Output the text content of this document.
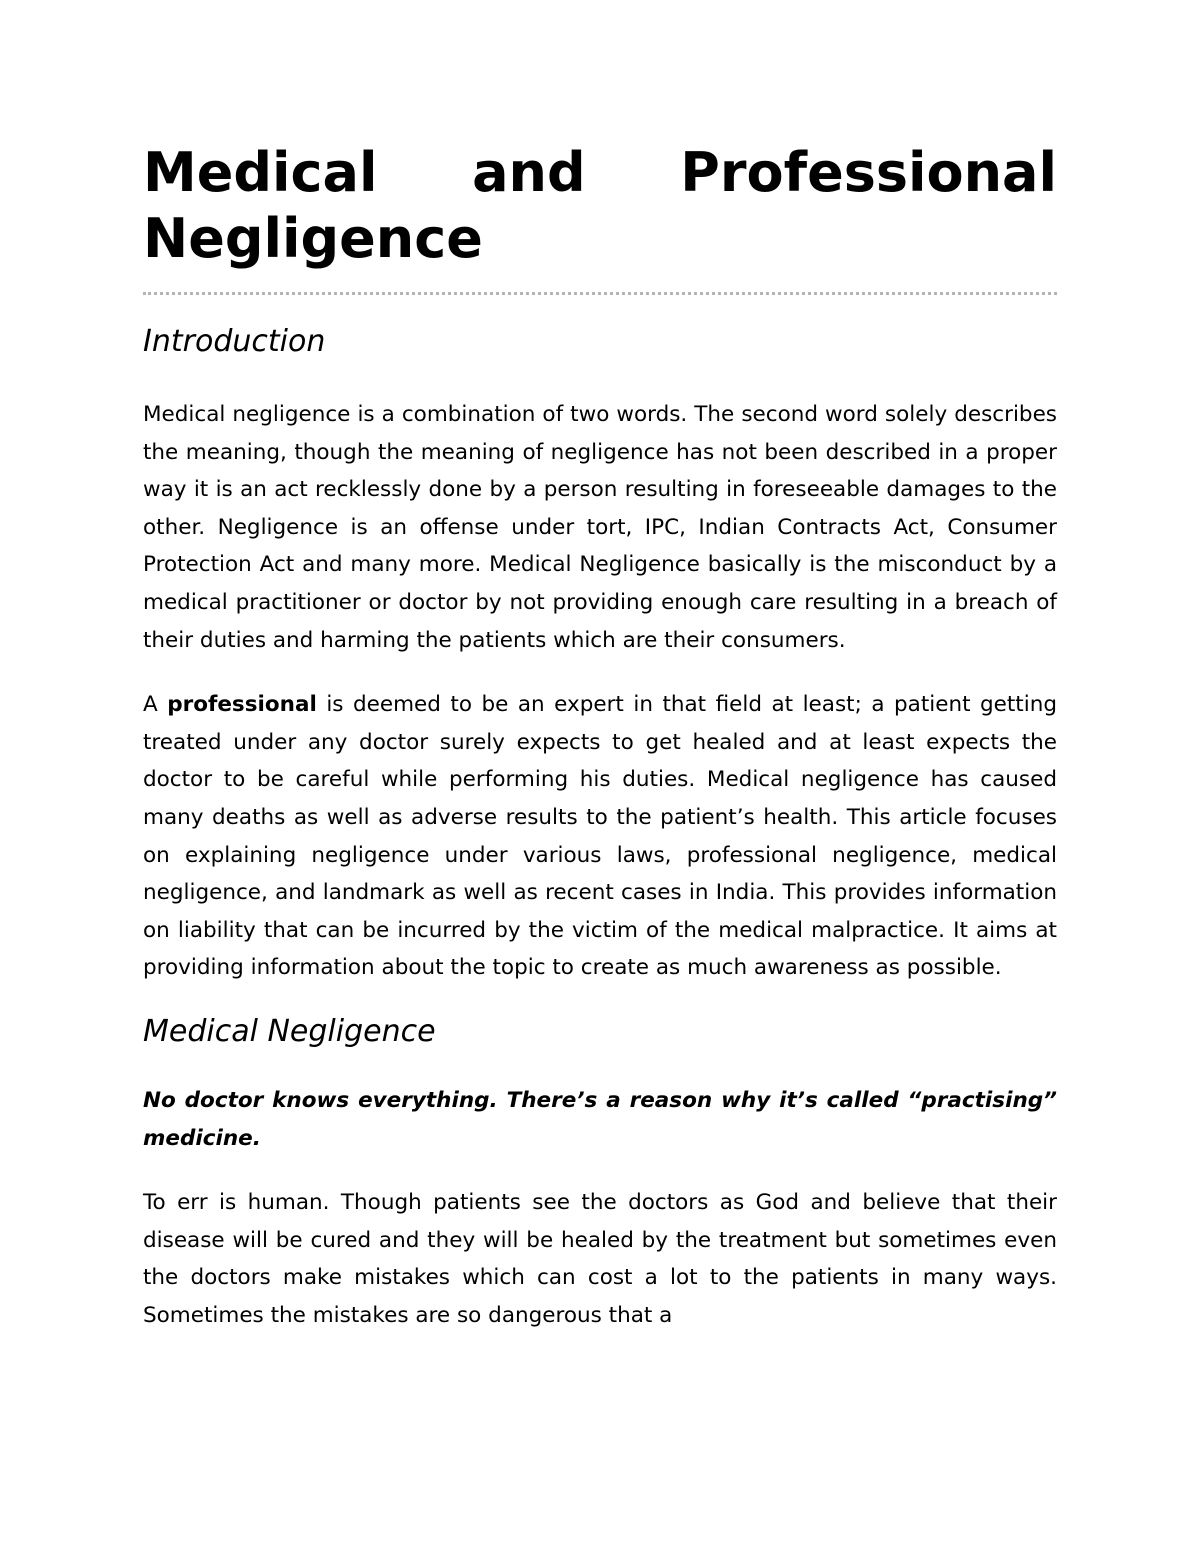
Medical and Professional
Negligence
Introduction

Medical negligence is a combination of two words. The second word solely describes the meaning, though the meaning of negligence has not been described in a proper way it is an act recklessly done by a person resulting in foreseeable damages to the other. Negligence is an offense under tort, IPC, Indian Contracts Act, Consumer Protection Act and many more. Medical Negligence basically is the misconduct by a medical practitioner or doctor by not providing enough care resulting in a breach of their duties and harming the patients which are their consumers.

A professional is deemed to be an expert in that field at least; a patient getting treated under any doctor surely expects to get healed and at least expects the doctor to be careful while performing his duties. Medical negligence has caused many deaths as well as adverse results to the patient’s health. This article focuses on explaining negligence under various laws, professional negligence, medical negligence, and landmark as well as recent cases in India. This provides information on liability that can be incurred by the victim of the medical malpractice. It aims at providing information about the topic to create as much awareness as possible.

Medical Negligence

No doctor knows everything. There’s a reason why it’s called “practising” medicine.

To err is human. Though patients see the doctors as God and believe that their disease will be cured and they will be healed by the treatment but sometimes even the doctors make mistakes which can cost a lot to the patients in many ways. Sometimes the mistakes are so dangerous that a
